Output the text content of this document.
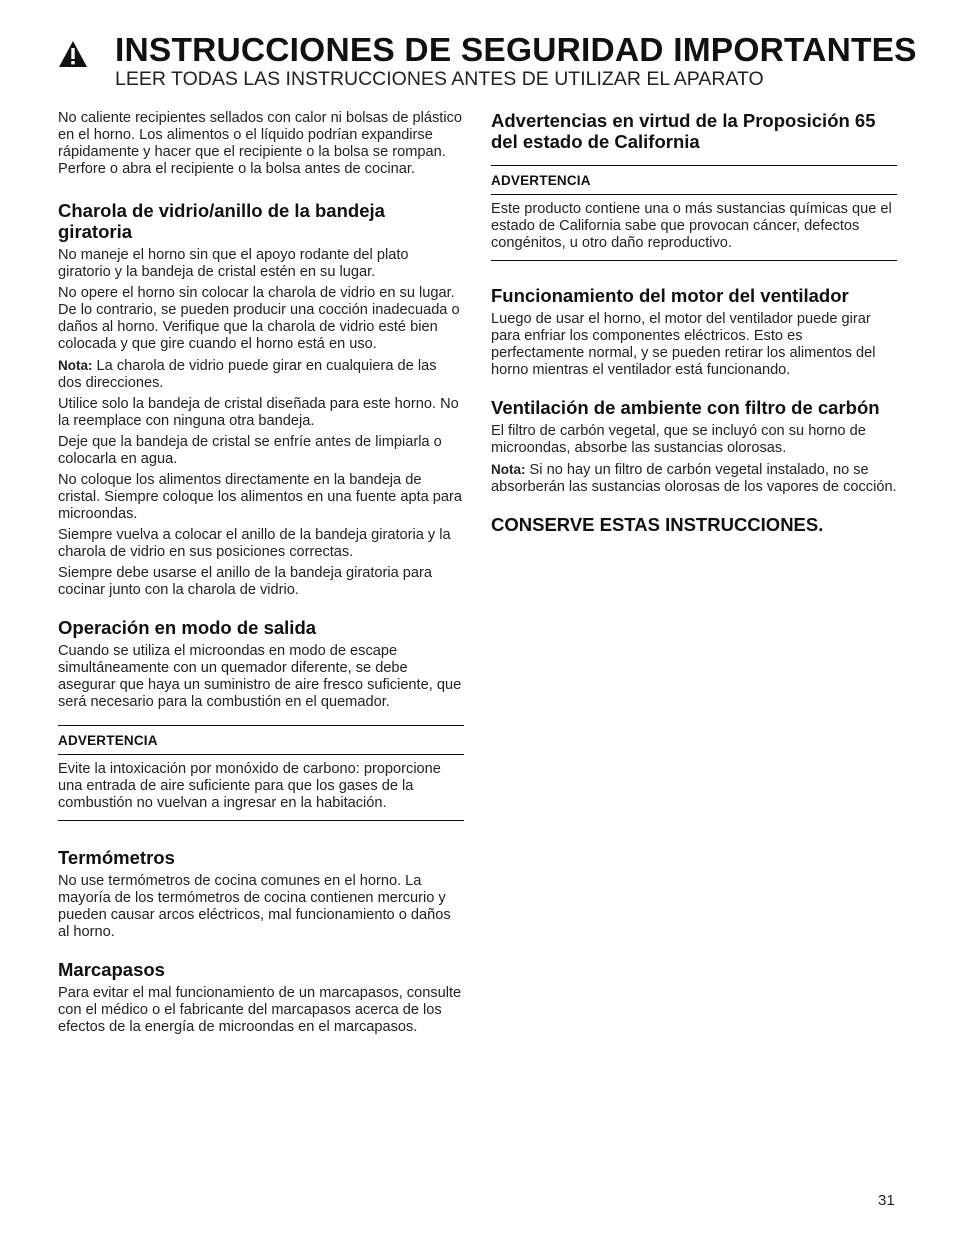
INSTRUCCIONES DE SEGURIDAD IMPORTANTES
LEER TODAS LAS INSTRUCCIONES ANTES DE UTILIZAR EL APARATO

No caliente recipientes sellados con calor ni bolsas de plástico en el horno. Los alimentos o el líquido podrían expandirse rápidamente y hacer que el recipiente o la bolsa se rompan. Perfore o abra el recipiente o la bolsa antes de cocinar.

Charola de vidrio/anillo de la bandeja giratoria

No maneje el horno sin que el apoyo rodante del plato giratorio y la bandeja de cristal estén en su lugar.

No opere el horno sin colocar la charola de vidrio en su lugar. De lo contrario, se pueden producir una cocción inadecuada o daños al horno. Verifique que la charola de vidrio esté bien colocada y que gire cuando el horno está en uso.

Nota: La charola de vidrio puede girar en cualquiera de las dos direcciones.

Utilice solo la bandeja de cristal diseñada para este horno. No la reemplace con ninguna otra bandeja.

Deje que la bandeja de cristal se enfríe antes de limpiarla o colocarla en agua.

No coloque los alimentos directamente en la bandeja de cristal. Siempre coloque los alimentos en una fuente apta para microondas.

Siempre vuelva a colocar el anillo de la bandeja giratoria y la charola de vidrio en sus posiciones correctas.

Siempre debe usarse el anillo de la bandeja giratoria para cocinar junto con la charola de vidrio.

Operación en modo de salida

Cuando se utiliza el microondas en modo de escape simultáneamente con un quemador diferente, se debe asegurar que haya un suministro de aire fresco suficiente, que será necesario para la combustión en el quemador.

ADVERTENCIA

Evite la intoxicación por monóxido de carbono: proporcione una entrada de aire suficiente para que los gases de la combustión no vuelvan a ingresar en la habitación.

Termómetros

No use termómetros de cocina comunes en el horno. La mayoría de los termómetros de cocina contienen mercurio y pueden causar arcos eléctricos, mal funcionamiento o daños al horno.

Marcapasos

Para evitar el mal funcionamiento de un marcapasos, consulte con el médico o el fabricante del marcapasos acerca de los efectos de la energía de microondas en el marcapasos.

Advertencias en virtud de la Proposición 65 del estado de California
ADVERTENCIA

Este producto contiene una o más sustancias químicas que el estado de California sabe que provocan cáncer, defectos congénitos, u otro daño reproductivo.

Funcionamiento del motor del ventilador

Luego de usar el horno, el motor del ventilador puede girar para enfriar los componentes eléctricos. Esto es perfectamente normal, y se pueden retirar los alimentos del horno mientras el ventilador está funcionando.

Ventilación de ambiente con filtro de carbón

El filtro de carbón vegetal, que se incluyó con su horno de microondas, absorbe las sustancias olorosas.

Nota: Si no hay un filtro de carbón vegetal instalado, no se absorberán las sustancias olorosas de los vapores de cocción.

CONSERVE ESTAS INSTRUCCIONES.
31
